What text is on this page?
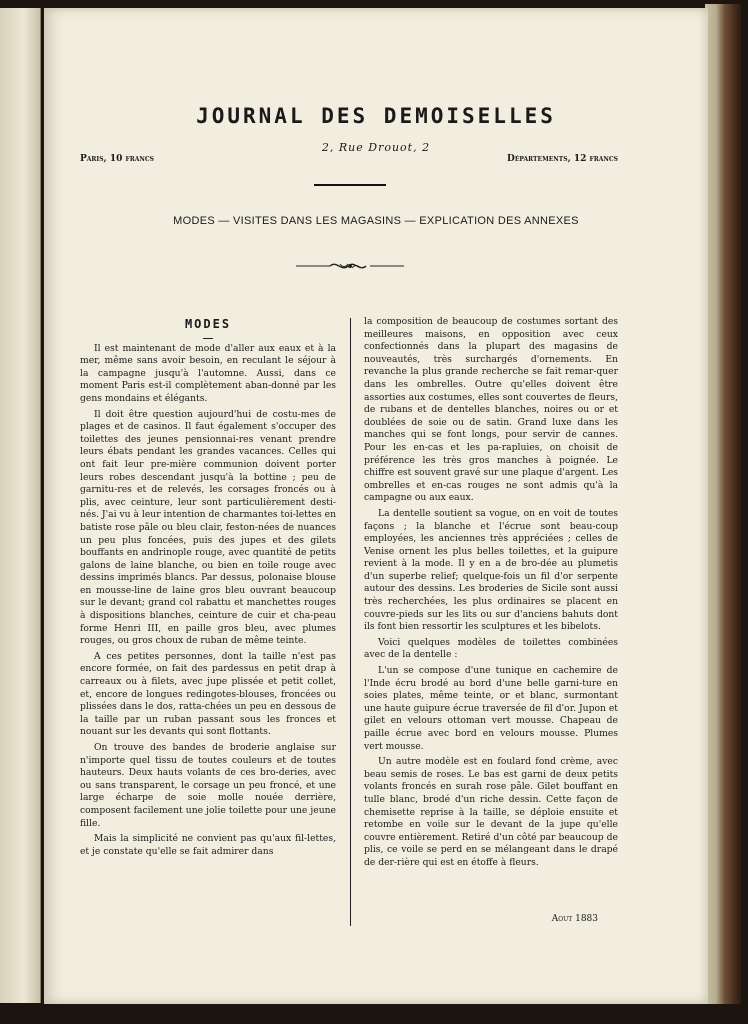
JOURNAL DES DEMOISELLES
2, Rue Drouot, 2
Paris, 10 francs	Départements, 12 francs
MODES — VISITES DANS LES MAGASINS — EXPLICATION DES ANNEXES
MODES

Il est maintenant de mode d'aller aux eaux et à la mer, même sans avoir besoin, en reculant le séjour à la campagne jusqu'à l'automne. Aussi, dans ce moment Paris est-il complètement aban-donné par les gens mondains et élégants.

Il doit être question aujourd'hui de costu-mes de plages et de casinos. Il faut également s'occuper des toilettes des jeunes pensionnai-res venant prendre leurs ébats pendant les grandes vacances. Celles qui ont fait leur pre-mière communion doivent porter leurs robes descendant jusqu'à la bottine ; peu de garnitu-res et de relevés, les corsages froncés ou à plis, avec ceinture, leur sont particulièrement desti-nés. J'ai vu à leur intention de charmantes toi-lettes en batiste rose pâle ou bleu clair, feston-nées de nuances un peu plus foncées, puis des jupes et des gilets bouffants en andrinople rouge, avec quantité de petits galons de laine blanche, ou bien en toile rouge avec dessins imprimés blancs. Par dessus, polonaise blouse en mousse-line de laine gros bleu ouvrant beaucoup sur le devant; grand col rabattu et manchettes rouges à dispositions blanches, ceinture de cuir et cha-peau forme Henri III, en paille gros bleu, avec plumes rouges, ou gros choux de ruban de même teinte.

A ces petites personnes, dont la taille n'est pas encore formée, on fait des pardessus en petit drap à carreaux ou à filets, avec jupe plissée et petit collet, et, encore de longues redingotes-blouses, froncées ou plissées dans le dos, ratta-chées un peu en dessous de la taille par un ruban passant sous les fronces et nouant sur les devants qui sont flottants.

On trouve des bandes de broderie anglaise sur n'importe quel tissu de toutes couleurs et de toutes hauteurs. Deux hauts volants de ces bro-deries, avec ou sans transparent, le corsage un peu froncé, et une large écharpe de soie molle nouée derrière, composent facilement une jolie toilette pour une jeune fille.

Mais la simplicité ne convient pas qu'aux fil-lettes, et je constate qu'elle se fait admirer dans

la composition de beaucoup de costumes sortant des meilleures maisons, en opposition avec ceux confectionnés dans la plupart des magasins de nouveautés, très surchargés d'ornements. En revanche la plus grande recherche se fait remar-quer dans les ombrelles. Outre qu'elles doivent être assorties aux costumes, elles sont couvertes de fleurs, de rubans et de dentelles blanches, noires ou or et doublées de soie ou de satin. Grand luxe dans les manches qui se font longs, pour servir de cannes. Pour les en-cas et les pa-rapluies, on choisit de préférence les très gros manches à poignée. Le chiffre est souvent gravé sur une plaque d'argent. Les ombrelles et en-cas rouges ne sont admis qu'à la campagne ou aux eaux.

La dentelle soutient sa vogue, on en voit de toutes façons ; la blanche et l'écrue sont beau-coup employées, les anciennes très appréciées ; celles de Venise ornent les plus belles toilettes, et la guipure revient à la mode. Il y en a de bro-dée au plumetis d'un superbe relief; quelque-fois un fil d'or serpente autour des dessins. Les broderies de Sicile sont aussi très recherchées, les plus ordinaires se placent en couvre-pieds sur les lits ou sur d'anciens bahuts dont ils font bien ressortir les sculptures et les bibelots.

Voici quelques modèles de toilettes combinées avec de la dentelle :

L'un se compose d'une tunique en cachemire de l'Inde écru brodé au bord d'une belle garni-ture en soies plates, même teinte, or et blanc, surmontant une haute guipure écrue traversée de fil d'or. Jupon et gilet en velours ottoman vert mousse. Chapeau de paille écrue avec bord en velours mousse. Plumes vert mousse.

Un autre modèle est en foulard fond crème, avec beau semis de roses. Le bas est garni de deux petits volants froncés en surah rose pâle. Gilet bouffant en tulle blanc, brodé d'un riche dessin. Cette façon de chemisette reprise à la taille, se déploie ensuite et retombe en voile sur le devant de la jupe qu'elle couvre entièrement. Retiré d'un côté par beaucoup de plis, ce voile se perd en se mélangeant dans le drapé de der-rière qui est en étoffe à fleurs.

Aout 1883
